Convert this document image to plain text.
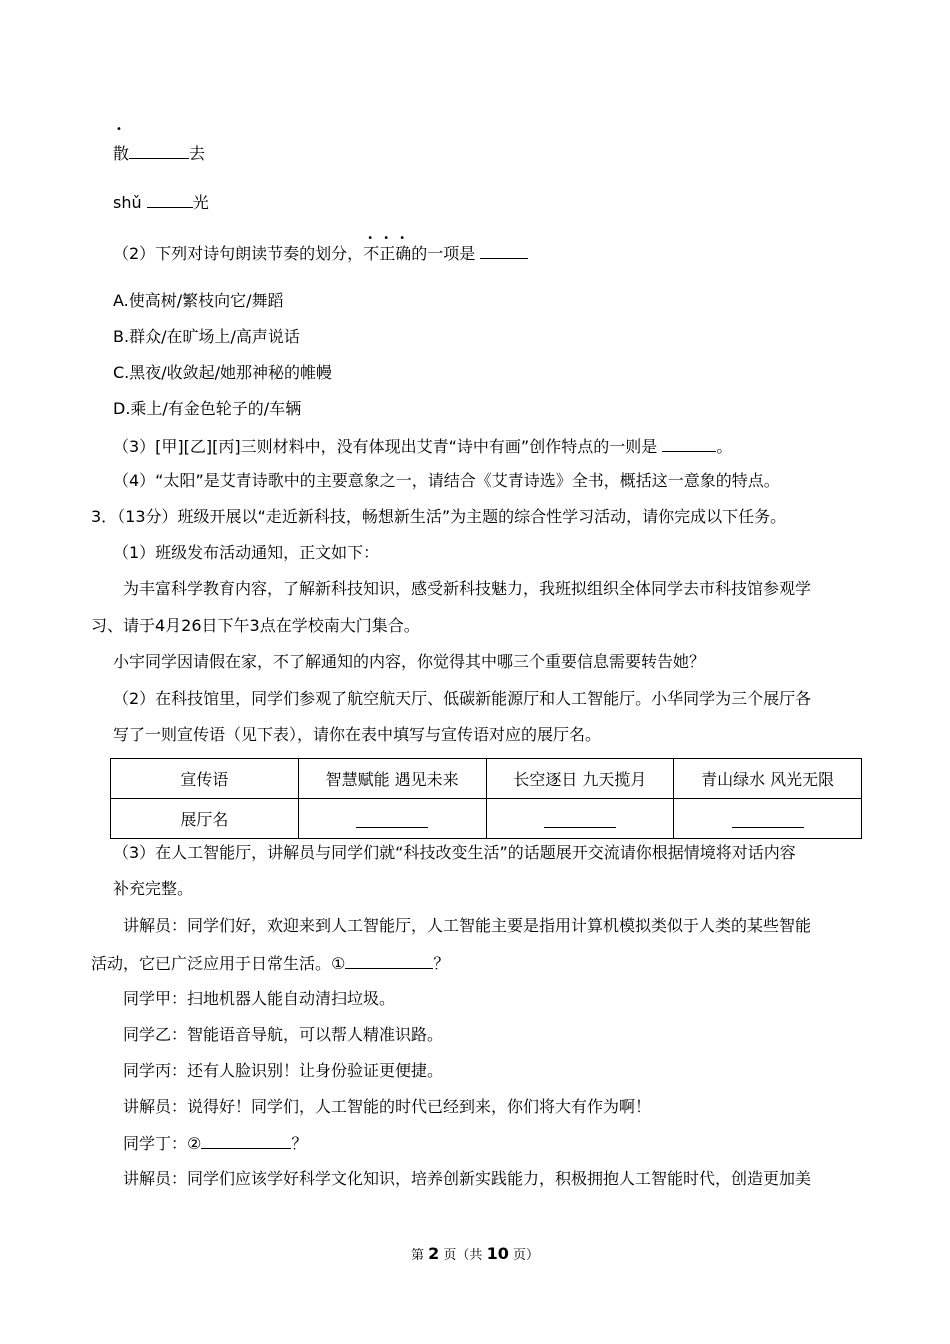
•
散	去
shǔ	光
（2）下列对诗句朗读节奏的划分，
• • •
不正确的一项是
A.使高树/繁枝向它/舞蹈
B.群众/在旷场上/高声说话
C.黑夜/收敛起/她那神秘的帷幔
D.乘上/有金色轮子的/车辆
（3）[甲][乙][丙]三则材料中，没有体现出艾青“诗中有画”创作特点的一则是	。
（4）“太阳”是艾青诗歌中的主要意象之一，请结合《艾青诗选》全书，概括这一意象的特点。
3．（13分）班级开展以“走近新科技，畅想新生活”为主题的综合性学习活动，请你完成以下任务。
（1）班级发布活动通知，正文如下：
为丰富科学教育内容，了解新科技知识，感受新科技魅力，我班拟组织全体同学去市科技馆参观学
习、请于4月26日下午3点在学校南大门集合。
小宇同学因请假在家，不了解通知的内容，你觉得其中哪三个重要信息需要转告她？
（2）在科技馆里，同学们参观了航空航天厅、低碳新能源厅和人工智能厅。小华同学为三个展厅各
写了一则宣传语（见下表），请你在表中填写与宣传语对应的展厅名。
宣传语	智慧赋能 遇见未来	长空逐日 九天揽月	青山绿水 风光无限
展厅名			
（3）在人工智能厅，讲解员与同学们就“科技改变生活”的话题展开交流请你根据情境将对话内容
补充完整。
讲解员：同学们好，欢迎来到人工智能厅，人工智能主要是指用计算机模拟类似于人类的某些智能
活动，它已广泛应用于日常生活。①	？
同学甲：扫地机器人能自动清扫垃圾。
同学乙：智能语音导航，可以帮人精准识路。
同学丙：还有人脸识别！让身份验证更便捷。
讲解员：说得好！同学们，人工智能的时代已经到来，你们将大有作为啊！
同学丁：②	？
讲解员：同学们应该学好科学文化知识，培养创新实践能力，积极拥抱人工智能时代，创造更加美
第 2 页（共 10 页）
